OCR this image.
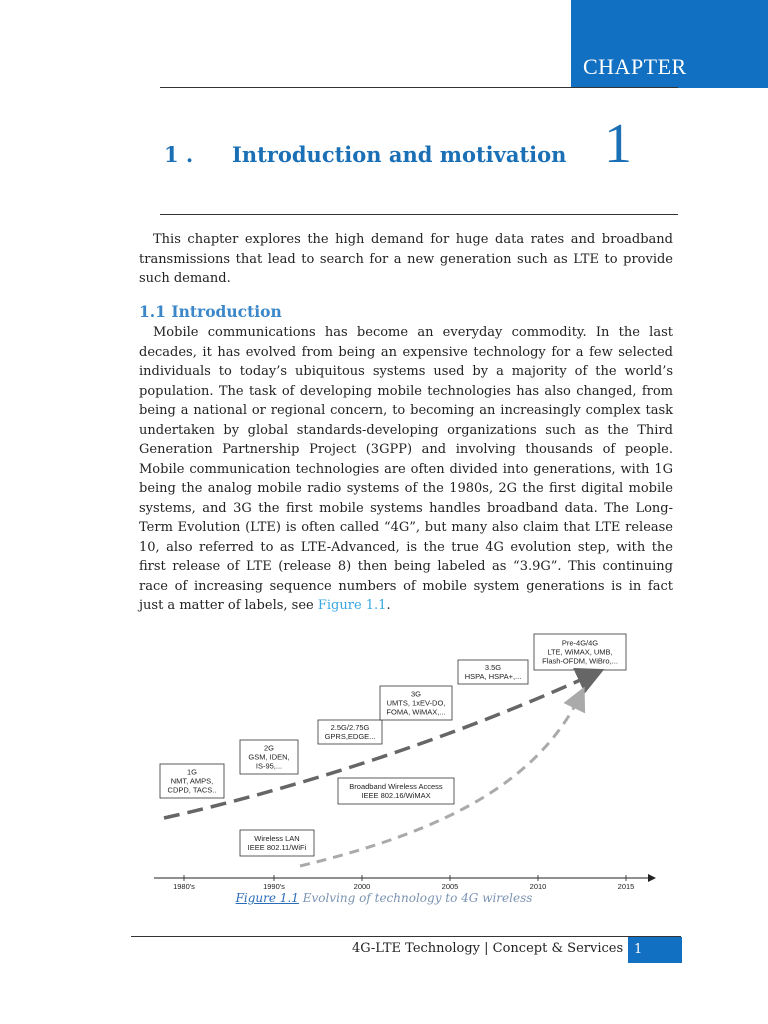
CHAPTER
1 . Introduction and motivation 1
This chapter explores the high demand for huge data rates and broadband transmissions that lead to search for a new generation such as LTE to provide such demand.
1.1 Introduction
Mobile communications has become an everyday commodity. In the last decades, it has evolved from being an expensive technology for a few selected individuals to today’s ubiquitous systems used by a majority of the world’s population. The task of developing mobile technologies has also changed, from being a national or regional concern, to becoming an increasingly complex task undertaken by global standards-developing organizations such as the Third Generation Partnership Project (3GPP) and involving thousands of people. Mobile communication technologies are often divided into generations, with 1G being the analog mobile radio systems of the 1980s, 2G the first digital mobile systems, and 3G the first mobile systems handles broadband data. The Long-Term Evolution (LTE) is often called “4G”, but many also claim that LTE release 10, also referred to as LTE-Advanced, is the true 4G evolution step, with the first release of LTE (release 8) then being labeled as “3.9G”. This continuing race of increasing sequence numbers of mobile system generations is in fact just a matter of labels, see Figure 1.1.
1G
NMT, AMPS,
CDPD, TACS..
2G
GSM, IDEN,
IS-95,...
2.5G/2.75G
GPRS,EDGE...
3G
UMTS, 1xEV-DO,
FOMA, WiMAX,...
3.5G
HSPA, HSPA+,...
Pre-4G/4G
LTE, WiMAX, UMB,
Flash-OFDM, WiBro,...
Broadband Wireless Access
IEEE 802.16/WiMAX
Wireless LAN
IEEE 802.11/WiFi
1980's	1990's	2000	2005	2010	2015
Figure 1.1 Evolving of technology to 4G wireless
4G-LTE Technology | Concept & Services 1
